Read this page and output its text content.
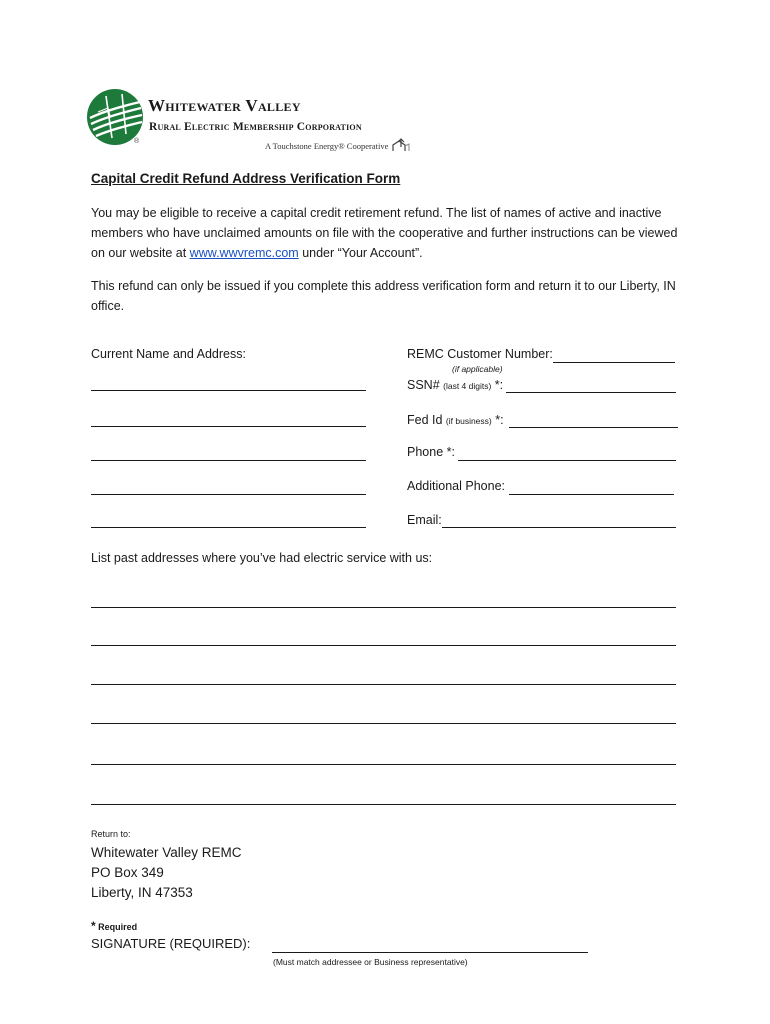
®
Whitewater Valley
Rural Electric Membership Corporation
A Touchstone Energy® Cooperative
Capital Credit Refund Address Verification Form
You may be eligible to receive a capital credit retirement refund. The list of names of active and inactive members who have unclaimed amounts on file with the cooperative and further instructions can be viewed on our website at www.wwvremc.com under “Your Account”.
This refund can only be issued if you complete this address verification form and return it to our Liberty, IN office.
Current Name and Address:	REMC Customer Number:
(if applicable)
SSN# (last 4 digits) *:
Fed Id (if business) *:
Phone *:
Additional Phone:
Email:
List past addresses where you’ve had electric service with us:
Return to:
Whitewater Valley REMC
PO Box 349
Liberty, IN 47353
* Required
SIGNATURE (REQUIRED):
(Must match addressee or Business representative)
